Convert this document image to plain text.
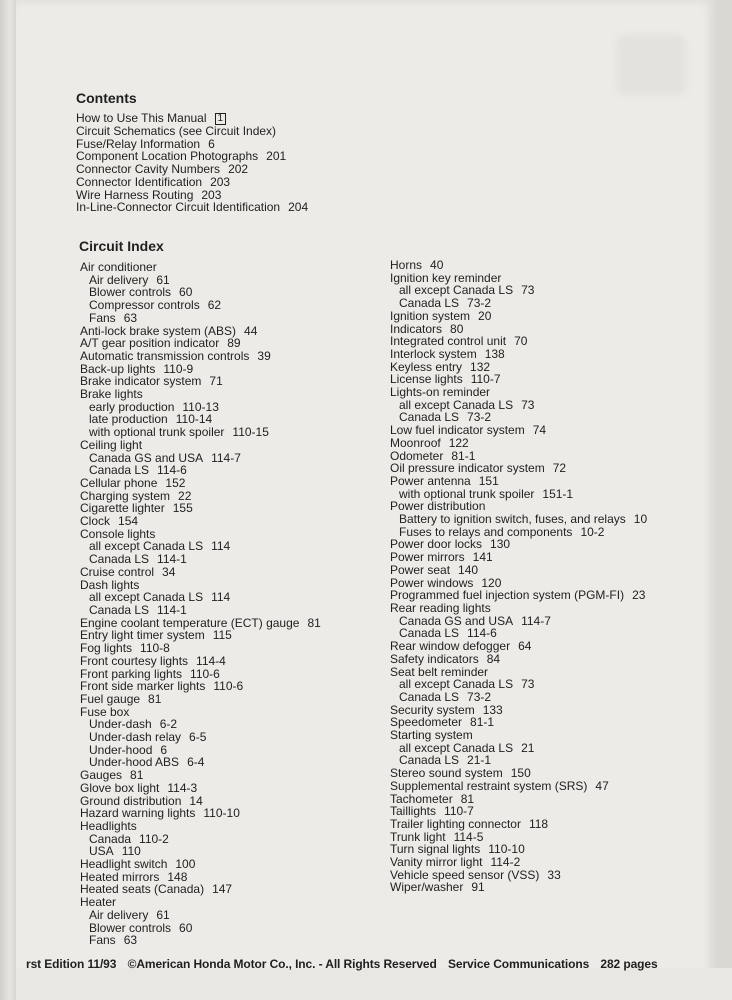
Contents
How to Use This Manual 1
Circuit Schematics (see Circuit Index)
Fuse/Relay Information 6
Component Location Photographs 201
Connector Cavity Numbers 202
Connector Identification 203
Wire Harness Routing 203
In-Line-Connector Circuit Identification 204
Circuit Index
Air conditioner
Air delivery 61
Blower controls 60
Compressor controls 62
Fans 63
Anti-lock brake system (ABS) 44
A/T gear position indicator 89
Automatic transmission controls 39
Back-up lights 110-9
Brake indicator system 71
Brake lights
early production 110-13
late production 110-14
with optional trunk spoiler 110-15
Ceiling light
Canada GS and USA 114-7
Canada LS 114-6
Cellular phone 152
Charging system 22
Cigarette lighter 155
Clock 154
Console lights
all except Canada LS 114
Canada LS 114-1
Cruise control 34
Dash lights
all except Canada LS 114
Canada LS 114-1
Engine coolant temperature (ECT) gauge 81
Entry light timer system 115
Fog lights 110-8
Front courtesy lights 114-4
Front parking lights 110-6
Front side marker lights 110-6
Fuel gauge 81
Fuse box
Under-dash 6-2
Under-dash relay 6-5
Under-hood 6
Under-hood ABS 6-4
Gauges 81
Glove box light 114-3
Ground distribution 14
Hazard warning lights 110-10
Headlights
Canada 110-2
USA 110
Headlight switch 100
Heated mirrors 148
Heated seats (Canada) 147
Heater
Air delivery 61
Blower controls 60
Fans 63
Horns 40
Ignition key reminder
all except Canada LS 73
Canada LS 73-2
Ignition system 20
Indicators 80
Integrated control unit 70
Interlock system 138
Keyless entry 132
License lights 110-7
Lights-on reminder
all except Canada LS 73
Canada LS 73-2
Low fuel indicator system 74
Moonroof 122
Odometer 81-1
Oil pressure indicator system 72
Power antenna 151
with optional trunk spoiler 151-1
Power distribution
Battery to ignition switch, fuses, and relays 10
Fuses to relays and components 10-2
Power door locks 130
Power mirrors 141
Power seat 140
Power windows 120
Programmed fuel injection system (PGM-FI) 23
Rear reading lights
Canada GS and USA 114-7
Canada LS 114-6
Rear window defogger 64
Safety indicators 84
Seat belt reminder
all except Canada LS 73
Canada LS 73-2
Security system 133
Speedometer 81-1
Starting system
all except Canada LS 21
Canada LS 21-1
Stereo sound system 150
Supplemental restraint system (SRS) 47
Tachometer 81
Taillights 110-7
Trailer lighting connector 118
Trunk light 114-5
Turn signal lights 110-10
Vanity mirror light 114-2
Vehicle speed sensor (VSS) 33
Wiper/washer 91
rst Edition 11/93 ©American Honda Motor Co., Inc. - All Rights Reserved Service Communications 282 pages
